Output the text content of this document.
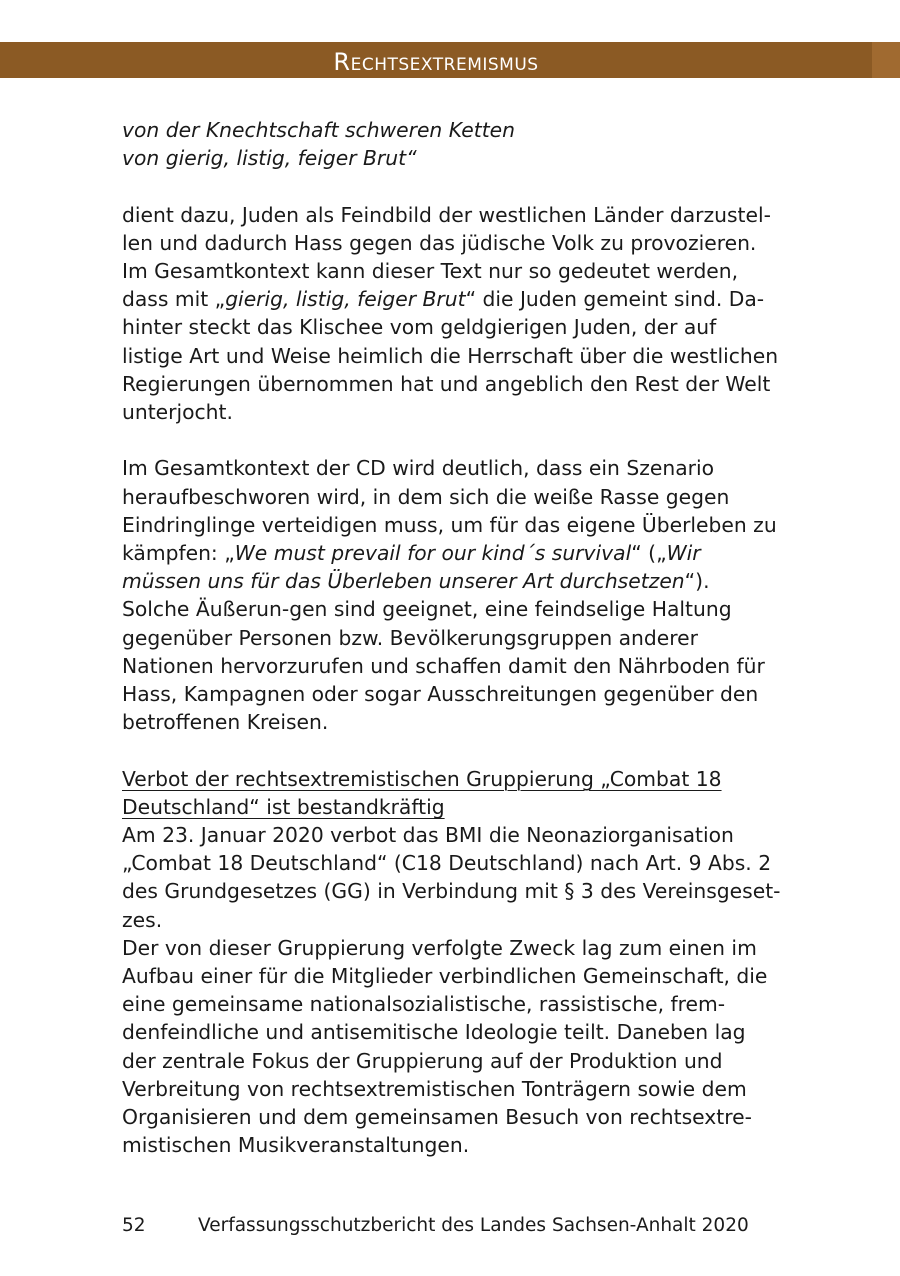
Rechtsextremismus

von der Knechtschaft schweren Ketten

von gierig, listig, feiger Brut“

dient dazu, Juden als Feindbild der westlichen Länder darzustel-len und dadurch Hass gegen das jüdische Volk zu provozieren. Im Gesamtkontext kann dieser Text nur so gedeutet werden, dass mit „gierig, listig, feiger Brut“ die Juden gemeint sind. Da-hinter steckt das Klischee vom geldgierigen Juden, der auf listige Art und Weise heimlich die Herrschaft über die westlichen Regierungen übernommen hat und angeblich den Rest der Welt unterjocht.

Im Gesamtkontext der CD wird deutlich, dass ein Szenario heraufbeschworen wird, in dem sich die weiße Rasse gegen Eindringlinge verteidigen muss, um für das eigene Überleben zu kämpfen: „We must prevail for our kind´s survival“ („Wir müssen uns für das Überleben unserer Art durchsetzen“). Solche Äußerun-gen sind geeignet, eine feindselige Haltung gegenüber Personen bzw. Bevölkerungsgruppen anderer Nationen hervorzurufen und schaffen damit den Nährboden für Hass, Kampagnen oder sogar Ausschreitungen gegenüber den betroffenen Kreisen.

Verbot der rechtsextremistischen Gruppierung „Combat 18
Deutschland“ ist bestandkräftig

Am 23. Januar 2020 verbot das BMI die Neonaziorganisation „Combat 18 Deutschland“ (C18 Deutschland) nach Art. 9 Abs. 2 des Grundgesetzes (GG) in Verbindung mit § 3 des Vereinsgeset-zes.

Der von dieser Gruppierung verfolgte Zweck lag zum einen im Aufbau einer für die Mitglieder verbindlichen Gemeinschaft, die eine gemeinsame nationalsozialistische, rassistische, frem-denfeindliche und antisemitische Ideologie teilt. Daneben lag der zentrale Fokus der Gruppierung auf der Produktion und Verbreitung von rechtsextremistischen Tonträgern sowie dem Organisieren und dem gemeinsamen Besuch von rechtsextre-mistischen Musikveranstaltungen.

52	Verfassungsschutzbericht des Landes Sachsen-Anhalt 2020
